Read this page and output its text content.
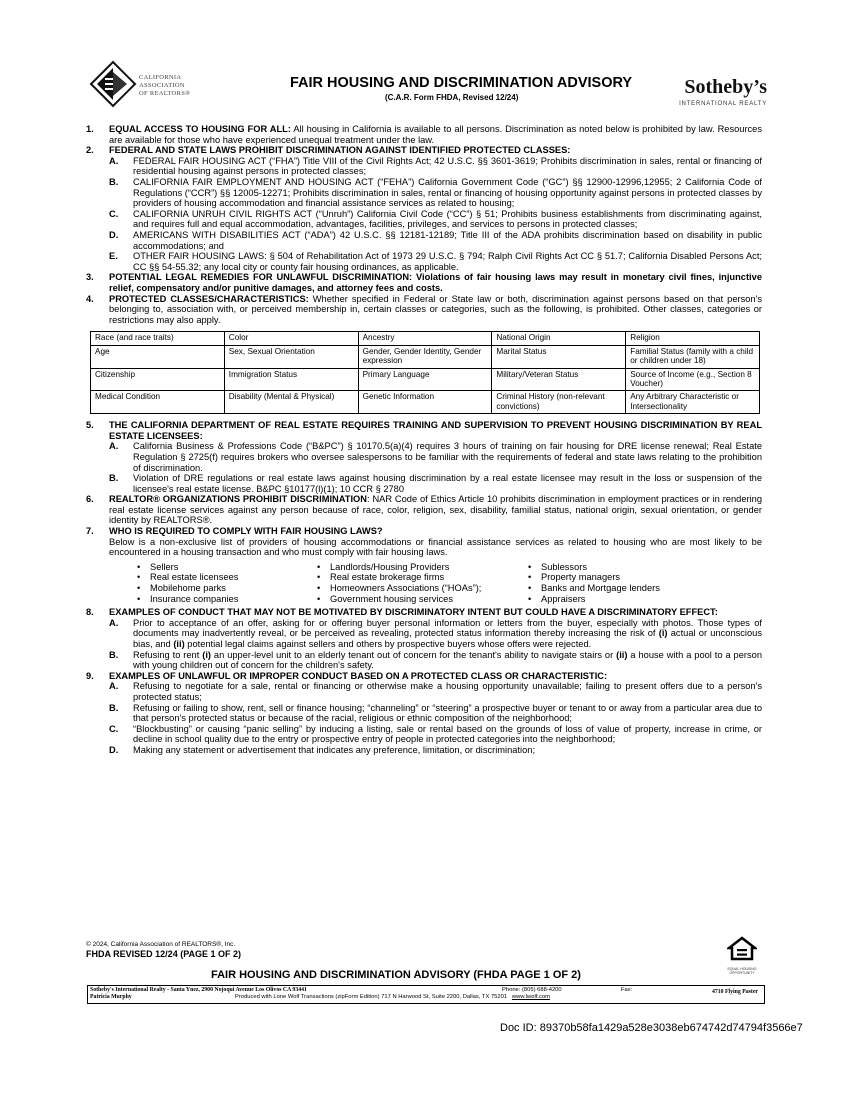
CALIFORNIA
ASSOCIATION
OF REALTORS®
FAIR HOUSING AND DISCRIMINATION ADVISORY
(C.A.R. Form FHDA, Revised 12/24)	Sotheby’s
INTERNATIONAL REALTY
1. EQUAL ACCESS TO HOUSING FOR ALL: All housing in California is available to all persons. Discrimination as noted below is prohibited by law. Resources are available for those who have experienced unequal treatment under the law.
2. FEDERAL AND STATE LAWS PROHIBIT DISCRIMINATION AGAINST IDENTIFIED PROTECTED CLASSES:
A. FEDERAL FAIR HOUSING ACT (“FHA”) Title VIII of the Civil Rights Act; 42 U.S.C. §§ 3601-3619; Prohibits discrimination in sales, rental or financing of residential housing against persons in protected classes;
B. CALIFORNIA FAIR EMPLOYMENT AND HOUSING ACT (“FEHA”) California Government Code (“GC”) §§ 12900-12996,12955; 2 California Code of Regulations (“CCR”) §§ 12005-12271; Prohibits discrimination in sales, rental or financing of housing opportunity against persons in protected classes by providers of housing accommodation and financial assistance services as related to housing;
C. CALIFORNIA UNRUH CIVIL RIGHTS ACT (“Unruh”) California Civil Code (“CC”) § 51; Prohibits business establishments from discriminating against, and requires full and equal accommodation, advantages, facilities, privileges, and services to persons in protected classes;
D. AMERICANS WITH DISABILITIES ACT (“ADA”) 42 U.S.C. §§ 12181-12189; Title III of the ADA prohibits discrimination based on disability in public accommodations; and
E. OTHER FAIR HOUSING LAWS: § 504 of Rehabilitation Act of 1973 29 U.S.C. § 794; Ralph Civil Rights Act CC § 51.7; California Disabled Persons Act; CC §§ 54-55.32; any local city or county fair housing ordinances, as applicable.
3. POTENTIAL LEGAL REMEDIES FOR UNLAWFUL DISCRIMINATION: Violations of fair housing laws may result in monetary civil fines, injunctive relief, compensatory and/or punitive damages, and attorney fees and costs.
4. PROTECTED CLASSES/CHARACTERISTICS: Whether specified in Federal or State law or both, discrimination against persons based on that person's belonging to, association with, or perceived membership in, certain classes or categories, such as the following, is prohibited. Other classes, categories or restrictions may also apply.
Race (and race traits)	Color	Ancestry	National Origin	Religion
Age	Sex, Sexual Orientation	Gender, Gender Identity, Gender expression	Marital Status	Familial Status (family with a child or children under 18)
Citizenship	Immigration Status	Primary Language	Military/Veteran Status	Source of Income (e.g., Section 8 Voucher)
Medical Condition	Disability (Mental & Physical)	Genetic Information	Criminal History (non-relevant convictions)	Any Arbitrary Characteristic or Intersectionality
5. THE CALIFORNIA DEPARTMENT OF REAL ESTATE REQUIRES TRAINING AND SUPERVISION TO PREVENT HOUSING DISCRIMINATION BY REAL ESTATE LICENSEES:
A. California Business & Professions Code (“B&PC”) § 10170.5(a)(4) requires 3 hours of training on fair housing for DRE license renewal; Real Estate Regulation § 2725(f) requires brokers who oversee salespersons to be familiar with the requirements of federal and state laws relating to the prohibition of discrimination.
B. Violation of DRE regulations or real estate laws against housing discrimination by a real estate licensee may result in the loss or suspension of the licensee's real estate license. B&PC §10177(l)(1); 10 CCR § 2780
6. REALTOR® ORGANIZATIONS PROHIBIT DISCRIMINATION: NAR Code of Ethics Article 10 prohibits discrimination in employment practices or in rendering real estate license services against any person because of race, color, religion, sex, disability, familial status, national origin, sexual orientation, or gender identity by REALTORS®.
7. WHO IS REQUIRED TO COMPLY WITH FAIR HOUSING LAWS?
Below is a non-exclusive list of providers of housing accommodations or financial assistance services as related to housing who are most likely to be encountered in a housing transaction and who must comply with fair housing laws.
• Sellers	• Landlords/Housing Providers	• Sublessors
• Real estate licensees	• Real estate brokerage firms	• Property managers
• Mobilehome parks	• Homeowners Associations (“HOAs”);	• Banks and Mortgage lenders
• Insurance companies	• Government housing services	• Appraisers
8. EXAMPLES OF CONDUCT THAT MAY NOT BE MOTIVATED BY DISCRIMINATORY INTENT BUT COULD HAVE A DISCRIMINATORY EFFECT:
A. Prior to acceptance of an offer, asking for or offering buyer personal information or letters from the buyer, especially with photos. Those types of documents may inadvertently reveal, or be perceived as revealing, protected status information thereby increasing the risk of (i) actual or unconscious bias, and (ii) potential legal claims against sellers and others by prospective buyers whose offers were rejected.
B. Refusing to rent (i) an upper-level unit to an elderly tenant out of concern for the tenant's ability to navigate stairs or (ii) a house with a pool to a person with young children out of concern for the children's safety.
9. EXAMPLES OF UNLAWFUL OR IMPROPER CONDUCT BASED ON A PROTECTED CLASS OR CHARACTERISTIC:
A. Refusing to negotiate for a sale, rental or financing or otherwise make a housing opportunity unavailable; failing to present offers due to a person's protected status;
B. Refusing or failing to show, rent, sell or finance housing; “channeling” or “steering” a prospective buyer or tenant to or away from a particular area due to that person's protected status or because of the racial, religious or ethnic composition of the neighborhood;
C. “Blockbusting” or causing “panic selling” by inducing a listing, sale or rental based on the grounds of loss of value of property, increase in crime, or decline in school quality due to the entry or prospective entry of people in protected categories into the neighborhood;
D. Making any statement or advertisement that indicates any preference, limitation, or discrimination;
© 2024, California Association of REALTORS®, Inc.
FHDA REVISED 12/24 (PAGE 1 OF 2)
EQUAL HOUSING OPPORTUNITY
FAIR HOUSING AND DISCRIMINATION ADVISORY (FHDA PAGE 1 OF 2)
Sotheby's International Realty - Santa Ynez, 2900 Nojoqui Avenue Los Olivos CA 93441
Patricia Murphy
Phone: (805) 688-4200	Fax:
Produced with Lone Wolf Transactions (zipForm Edition) 717 N Harwood St, Suite 2200, Dallas, TX 75201 www.lwolf.com
4710 Flying Paster
Doc ID: 89370b58fa1429a528e3038eb674742d74794f3566e7
